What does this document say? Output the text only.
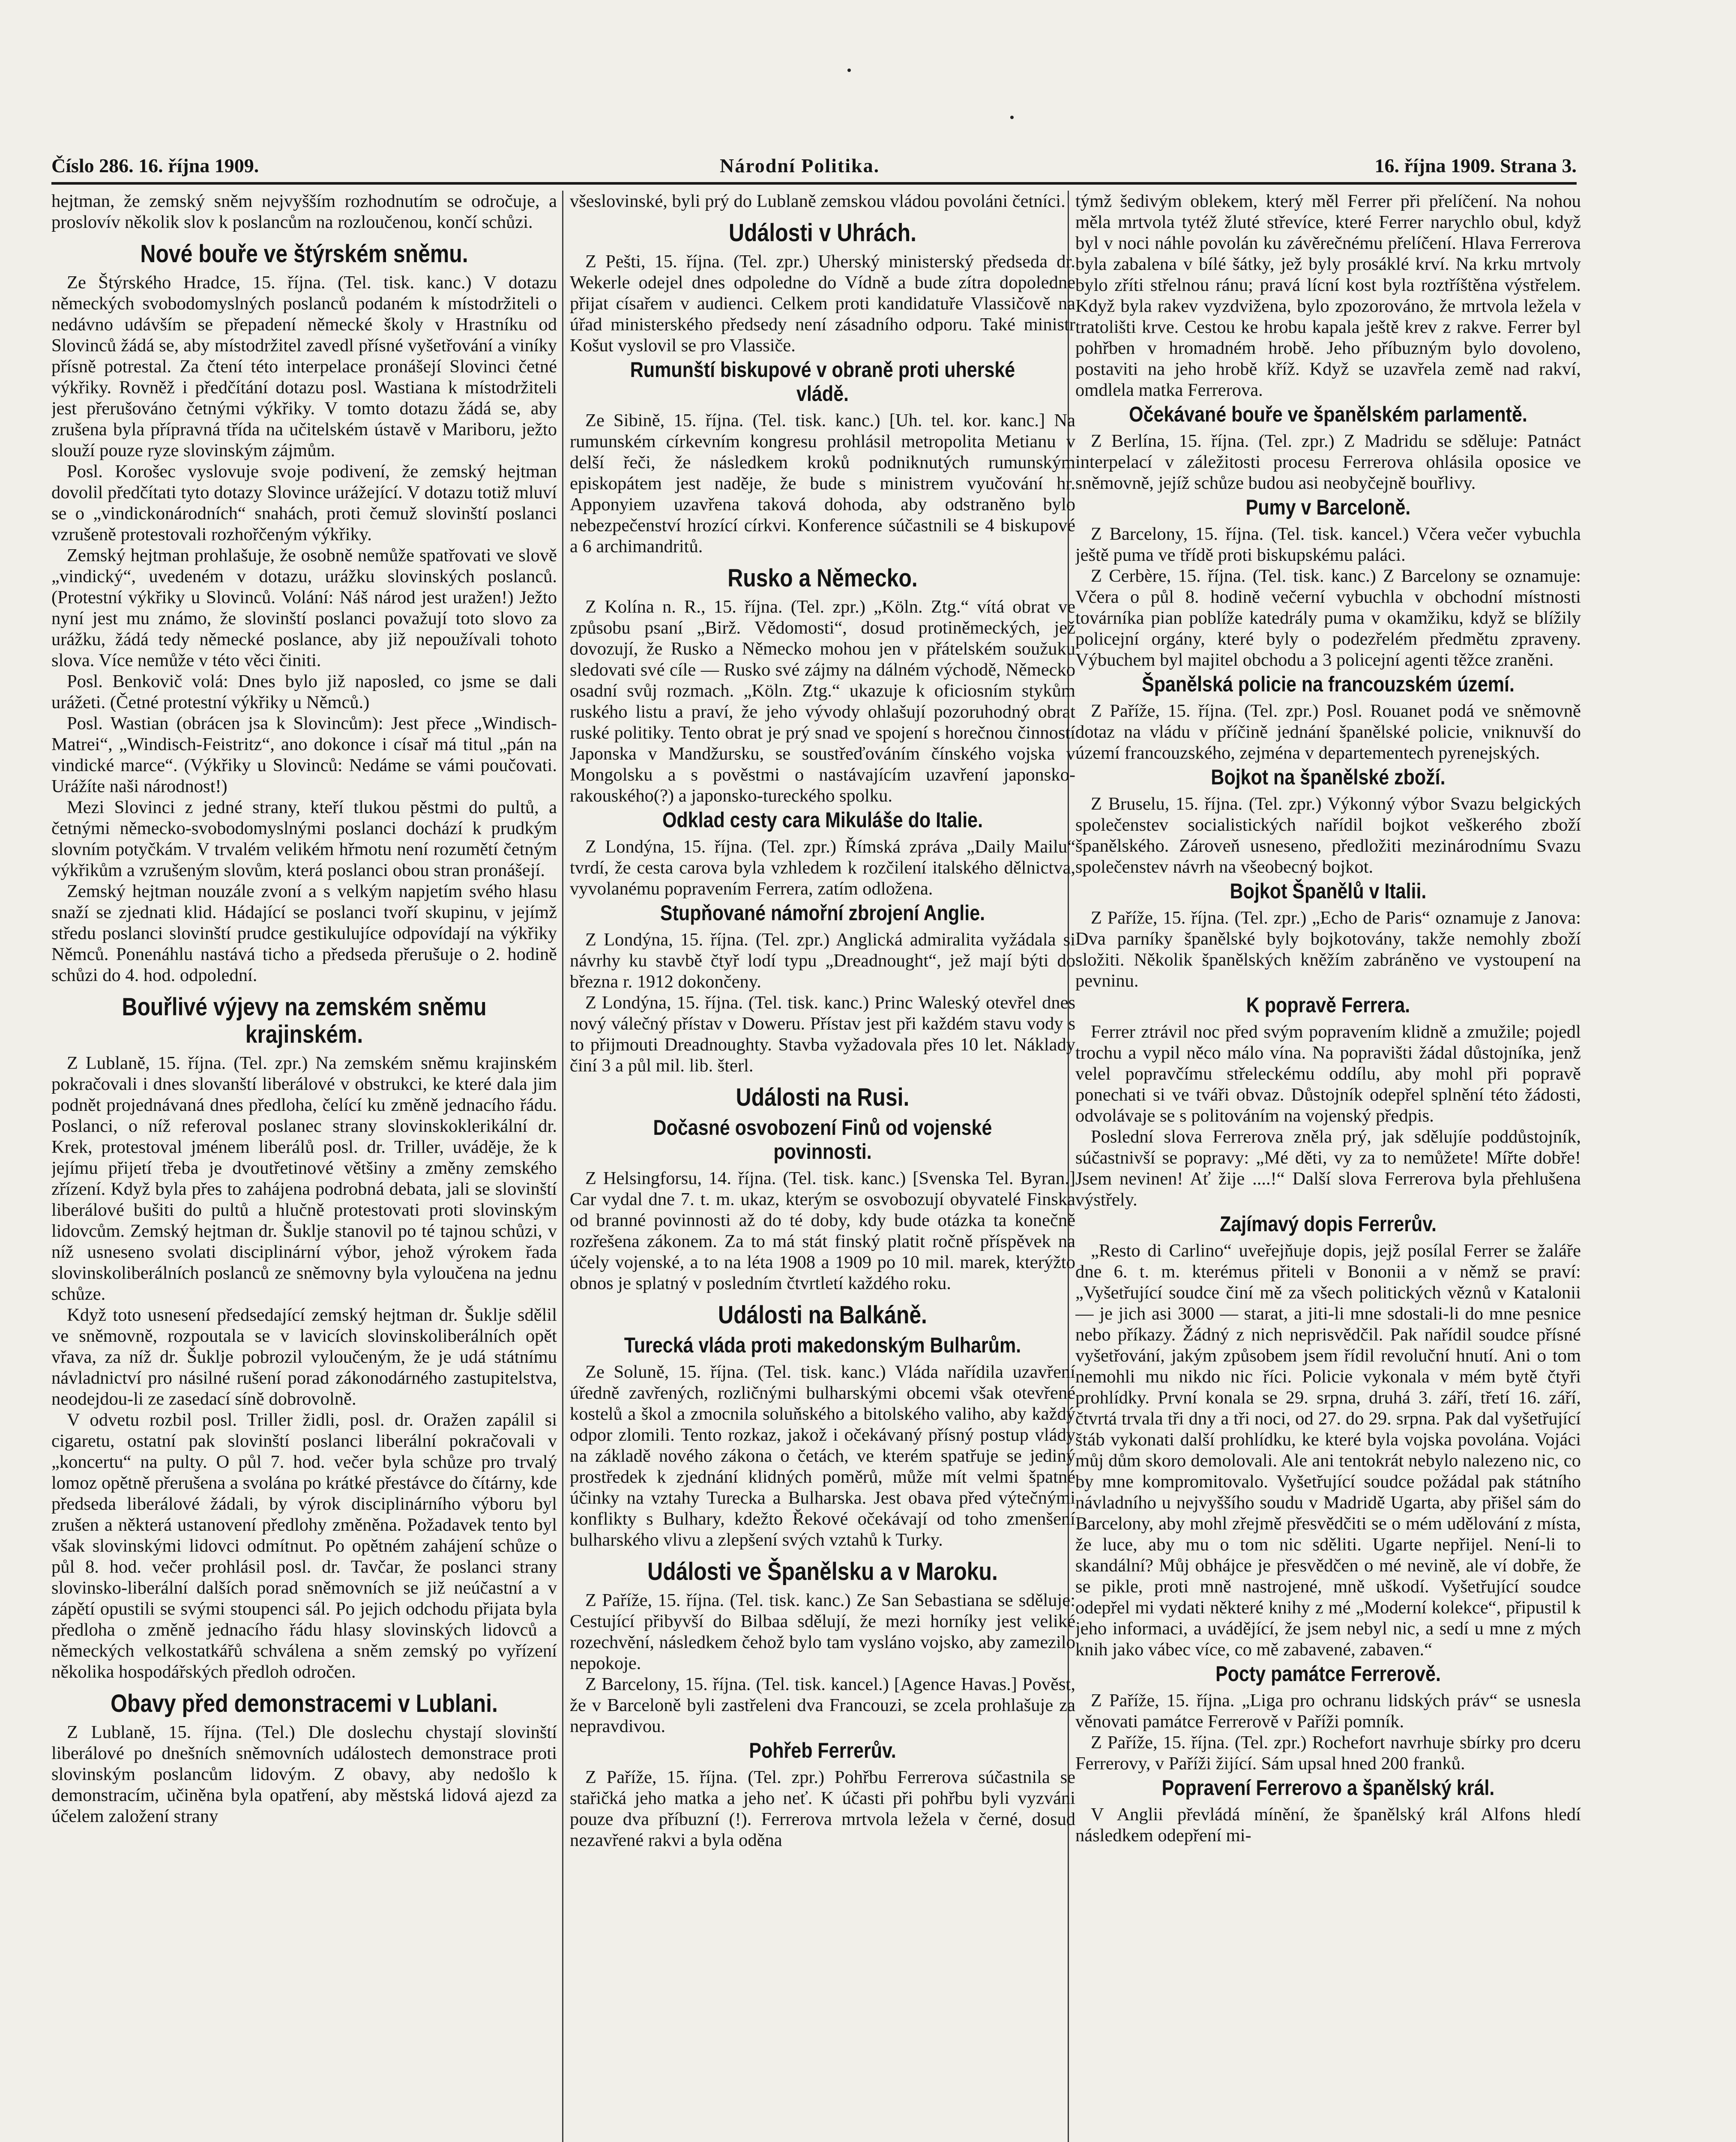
Číslo 286. 16. října 1909.	Národní Politika.	16. října 1909. Strana 3.

hejtman, že zemský sněm nejvyšším rozhodnutím se odročuje, a proslovív několik slov k poslancům na rozloučenou, končí schůzi.

Nové bouře ve štýrském sněmu.

Ze Štýrského Hradce, 15. října. (Tel. tisk. kanc.) V dotazu německých svobodomyslných poslanců podaném k místodržiteli o nedávno udávším se přepadení německé školy v Hrastníku od Slovinců žádá se, aby místodržitel zavedl přísné vyšetřování a viníky přísně potrestal. Za čtení této interpelace pronášejí Slovinci četné výkřiky. Rovněž i předčítání dotazu posl. Wastiana k místodržiteli jest přerušováno četnými výkřiky. V tomto dotazu žádá se, aby zrušena byla přípravná třída na učitelském ústavě v Mariboru, ježto slouží pouze ryze slovinským zájmům.

Posl. Korošec vyslovuje svoje podivení, že zemský hejtman dovolil předčítati tyto dotazy Slovince urážející. V dotazu totiž mluví se o „vindickonárodních“ snahách, proti čemuž slovinští poslanci vzrušeně protestovali rozhořčeným výkřiky.

Zemský hejtman prohlašuje, že osobně nemůže spatřovati ve slově „vindický“, uvedeném v dotazu, urážku slovinských poslanců. (Protestní výkřiky u Slovinců. Volání: Náš národ jest uražen!) Ježto nyní jest mu známo, že slovinští poslanci považují toto slovo za urážku, žádá tedy německé poslance, aby již nepoužívali tohoto slova. Více nemůže v této věci činiti.

Posl. Benkovič volá: Dnes bylo již naposled, co jsme se dali urážeti. (Četné protestní výkřiky u Němců.)

Posl. Wastian (obrácen jsa k Slovincům): Jest přece „Windisch-Matrei“, „Windisch-Feistritz“, ano dokonce i císař má titul „pán na vindické marce“. (Výkřiky u Slovinců: Nedáme se vámi poučovati. Urážíte naši národnost!)

Mezi Slovinci z jedné strany, kteří tlukou pěstmi do pultů, a četnými německo-svobodomyslnými poslanci dochází k prudkým slovním potyčkám. V trvalém velikém hřmotu není rozumětí četným výkřikům a vzrušeným slovům, která poslanci obou stran pronášejí.

Zemský hejtman nouzále zvoní a s velkým napjetím svého hlasu snaží se zjednati klid. Hádající se poslanci tvoří skupinu, v jejímž středu poslanci slovinští prudce gestikulujíce odpovídají na výkřiky Němců. Ponenáhlu nastává ticho a předseda přerušuje o 2. hodině schůzi do 4. hod. odpolední.

Bouřlivé výjevy na zemském sněmu krajinském.

Z Lublaně, 15. října. (Tel. zpr.) Na zemském sněmu krajinském pokračovali i dnes slovanští liberálové v obstrukci, ke které dala jim podnět projednávaná dnes předloha, čelící ku změně jednacího řádu. Poslanci, o níž referoval poslanec strany slovinskoklerikální dr. Krek, protestoval jménem liberálů posl. dr. Triller, uváděje, že k jejímu přijetí třeba je dvoutřetinové většiny a změny zemského zřízení. Když byla přes to zahájena podrobná debata, jali se slovinští liberálové bušiti do pultů a hlučně protestovati proti slovinským lidovcům. Zemský hejtman dr. Šuklje stanovil po té tajnou schůzi, v níž usneseno svolati disciplinární výbor, jehož výrokem řada slovinskoliberálních poslanců ze sněmovny byla vyloučena na jednu schůze.

Když toto usnesení předsedající zemský hejtman dr. Šuklje sdělil ve sněmovně, rozpoutala se v lavicích slovinskoliberálních opět vřava, za níž dr. Šuklje pobrozil vyloučeným, že je udá státnímu návladnictví pro násilné rušení porad zákonodárného zastupitelstva, neodejdou-li ze zasedací síně dobrovolně.

V odvetu rozbil posl. Triller židli, posl. dr. Oražen zapálil si cigaretu, ostatní pak slovinští poslanci liberální pokračovali v „koncertu“ na pulty. O půl 7. hod. večer byla schůze pro trvalý lomoz opětně přerušena a svolána po krátké přestávce do čítárny, kde předseda liberálové žádali, by výrok disciplinárního výboru byl zrušen a některá ustanovení předlohy změněna. Požadavek tento byl však slovinskými lidovci odmítnut. Po opětném zahájení schůze o půl 8. hod. večer prohlásil posl. dr. Tavčar, že poslanci strany slovinsko-liberální dalších porad sněmovních se již neúčastní a v zápětí opustili se svými stoupenci sál. Po jejich odchodu přijata byla předloha o změně jednacího řádu hlasy slovinských lidovců a německých velkostatkářů schválena a sněm zemský po vyřízení několika hospodářských předloh odročen.

Obavy před demonstracemi v Lublani.

Z Lublaně, 15. října. (Tel.) Dle doslechu chystají slovinští liberálové po dnešních sněmovních událostech demonstrace proti slovinským poslancům lidovým. Z obavy, aby nedošlo k demonstracím, učiněna byla opatření, aby městská lidová ajezd za účelem založení strany

všeslovinské, byli prý do Lublaně zemskou vládou povoláni četníci.

Události v Uhrách.

Z Pešti, 15. října. (Tel. zpr.) Uherský ministerský předseda dr. Wekerle odejel dnes odpoledne do Vídně a bude zítra dopoledne přijat císařem v audienci. Celkem proti kandidatuře Vlassičově na úřad ministerského předsedy není zásadního odporu. Také ministr Košut vyslovil se pro Vlassiče.

Rumunští biskupové v obraně proti uherské vládě.

Ze Sibině, 15. října. (Tel. tisk. kanc.) [Uh. tel. kor. kanc.] Na rumunském církevním kongresu prohlásil metropolita Metianu v delší řeči, že následkem kroků podniknutých rumunským episkopátem jest naděje, že bude s ministrem vyučování hr. Apponyiem uzavřena taková dohoda, aby odstraněno bylo nebezpečenství hrozící církvi. Konference súčastnili se 4 biskupové a 6 archimandritů.

Rusko a Německo.

Z Kolína n. R., 15. října. (Tel. zpr.) „Köln. Ztg.“ vítá obrat ve způsobu psaní „Birž. Vědomosti“, dosud protiněmeckých, jež dovozují, že Rusko a Německo mohou jen v přátelském soužuku sledovati své cíle — Rusko své zájmy na dálném východě, Německo osadní svůj rozmach. „Köln. Ztg.“ ukazuje k oficiosním stykům ruského listu a praví, že jeho vývody ohlašují pozoruhodný obrat ruské politiky. Tento obrat je prý snad ve spojení s horečnou činností Japonska v Mandžursku, se soustřeďováním čínského vojska v Mongolsku a s pověstmi o nastávajícím uzavření japonsko-rakouského(?) a japonsko-tureckého spolku.

Odklad cesty cara Mikuláše do Italie.

Z Londýna, 15. října. (Tel. zpr.) Římská zpráva „Daily Mailu“ tvrdí, že cesta carova byla vzhledem k rozčilení italského dělnictva, vyvolanému popravením Ferrera, zatím odložena.

Stupňované námořní zbrojení Anglie.

Z Londýna, 15. října. (Tel. zpr.) Anglická admiralita vyžádala si návrhy ku stavbě čtyř lodí typu „Dreadnought“, jež mají býti do března r. 1912 dokončeny.

Z Londýna, 15. října. (Tel. tisk. kanc.) Princ Waleský otevřel dnes nový válečný přístav v Doweru. Přístav jest při každém stavu vody s to přijmouti Dreadnoughty. Stavba vyžadovala přes 10 let. Náklady činí 3 a půl mil. lib. šterl.

Události na Rusi.
Dočasné osvobození Finů od vojenské povinnosti.

Z Helsingforsu, 14. října. (Tel. tisk. kanc.) [Svenska Tel. Byran.] Car vydal dne 7. t. m. ukaz, kterým se osvobozují obyvatelé Finska od branné povinnosti až do té doby, kdy bude otázka ta konečně rozřešena zákonem. Za to má stát finský platit ročně příspěvek na účely vojenské, a to na léta 1908 a 1909 po 10 mil. marek, kterýžto obnos je splatný v posledním čtvrtletí každého roku.

Události na Balkáně.
Turecká vláda proti makedonským Bulharům.

Ze Soluně, 15. října. (Tel. tisk. kanc.) Vláda nařídila uzavření úředně zavřených, rozličnými bulharskými obcemi však otevřené kostelů a škol a zmocnila soluňského a bitolského valiho, aby každý odpor zlomili. Tento rozkaz, jakož i očekávaný přísný postup vlády na základě nového zákona o četách, ve kterém spatřuje se jediný prostředek k zjednání klidných poměrů, může mít velmi špatné účinky na vztahy Turecka a Bulharska. Jest obava před výtečnými konflikty s Bulhary, kdežto Řekové očekávají od toho zmenšení bulharského vlivu a zlepšení svých vztahů k Turky.

Události ve Španělsku a v Maroku.

Z Paříže, 15. října. (Tel. tisk. kanc.) Ze San Sebastiana se sděluje: Cestující přibyvší do Bilbaa sdělují, že mezi horníky jest veliké rozechvění, následkem čehož bylo tam vysláno vojsko, aby zamezilo nepokoje.

Z Barcelony, 15. října. (Tel. tisk. kancel.) [Agence Havas.] Pověst, že v Barceloně byli zastřeleni dva Francouzi, se zcela prohlašuje za nepravdivou.

Pohřeb Ferrerův.

Z Paříže, 15. října. (Tel. zpr.) Pohřbu Ferrerova súčastnila se stařičká jeho matka a jeho neť. K účasti při pohřbu byli vyzváni pouze dva příbuzní (!). Ferrerova mrtvola ležela v černé, dosud nezavřené rakvi a byla oděna

týmž šedivým oblekem, který měl Ferrer při přelíčení. Na nohou měla mrtvola tytéž žluté střevíce, které Ferrer narychlo obul, když byl v noci náhle povolán ku závěrečnému přelíčení. Hlava Ferrerova byla zabalena v bílé šátky, jež byly prosáklé krví. Na krku mrtvoly bylo zříti střelnou ránu; pravá lícní kost byla roztříštěna výstřelem. Když byla rakev vyzdvižena, bylo zpozorováno, že mrtvola ležela v tratolišti krve. Cestou ke hrobu kapala ještě krev z rakve. Ferrer byl pohřben v hromadném hrobě. Jeho příbuzným bylo dovoleno, postaviti na jeho hrobě kříž. Když se uzavřela země nad rakví, omdlela matka Ferrerova.

Očekávané bouře ve španělském parlamentě.

Z Berlína, 15. října. (Tel. zpr.) Z Madridu se sděluje: Patnáct interpelací v záležitosti procesu Ferrerova ohlásila oposice ve sněmovně, jejíž schůze budou asi neobyčejně bouřlivy.

Pumy v Barceloně.

Z Barcelony, 15. října. (Tel. tisk. kancel.) Včera večer vybuchla ještě puma ve třídě proti biskupskému paláci.

Z Cerbère, 15. října. (Tel. tisk. kanc.) Z Barcelony se oznamuje: Včera o půl 8. hodině večerní vybuchla v obchodní místnosti továrníka pian poblíže katedrály puma v okamžiku, když se blížily policejní orgány, které byly o podezřelém předmětu zpraveny. Výbuchem byl majitel obchodu a 3 policejní agenti těžce zraněni.

Španělská policie na francouzském území.

Z Paříže, 15. října. (Tel. zpr.) Posl. Rouanet podá ve sněmovně dotaz na vládu v příčině jednání španělské policie, vniknuvší do území francouzského, zejména v departementech pyrenejských.

Bojkot na španělské zboží.

Z Bruselu, 15. října. (Tel. zpr.) Výkonný výbor Svazu belgických společenstev socialistických nařídil bojkot veškerého zboží španělského. Zároveň usneseno, předložiti mezinárodnímu Svazu společenstev návrh na všeobecný bojkot.

Bojkot Španělů v Italii.

Z Paříže, 15. října. (Tel. zpr.) „Echo de Paris“ oznamuje z Janova: Dva parníky španělské byly bojkotovány, takže nemohly zboží složiti. Několik španělských kněžím zabráněno ve vystoupení na pevninu.

K popravě Ferrera.

Ferrer ztrávil noc před svým popravením klidně a zmužile; pojedl trochu a vypil něco málo vína. Na popravišti žádal důstojníka, jenž velel popravčímu střeleckému oddílu, aby mohl při popravě ponechati si ve tváři obvaz. Důstojník odepřel splnění této žádosti, odvolávaje se s politováním na vojenský předpis.

Poslední slova Ferrerova zněla prý, jak sdělujíe poddůstojník, súčastnivší se popravy: „Mé děti, vy za to nemůžete! Mířte dobře! Jsem nevinen! Ať žije ....!“ Další slova Ferrerova byla přehlušena výstřely.

Zajímavý dopis Ferrerův.

„Resto di Carlino“ uveřejňuje dopis, jejž posílal Ferrer se žaláře dne 6. t. m. kterémus přiteli v Bononii a v němž se praví: „Vyšetřující soudce činí mě za všech politických věznů v Katalonii — je jich asi 3000 — starat, a jiti-li mne sdostali-li do mne pesnice nebo příkazy. Žádný z nich neprisvědčil. Pak nařídil soudce přísné vyšetřování, jakým způsobem jsem řídil revoluční hnutí. Ani o tom nemohli mu nikdo nic říci. Policie vykonala v mém bytě čtyři prohlídky. První konala se 29. srpna, druhá 3. září, třetí 16. září, čtvrtá trvala tři dny a tři noci, od 27. do 29. srpna. Pak dal vyšetřující štáb vykonati další prohlídku, ke které byla vojska povolána. Vojáci můj dům skoro demolovali. Ale ani tentokrát nebylo nalezeno nic, co by mne kompromitovalo. Vyšetřující soudce požádal pak státního návladního u nejvyššího soudu v Madridě Ugarta, aby přišel sám do Barcelony, aby mohl zřejmě přesvědčiti se o mém udělování z místa, že luce, aby mu o tom nic sděliti. Ugarte nepřijel. Není-li to skandální? Můj obhájce je přesvědčen o mé nevině, ale ví dobře, že se pikle, proti mně nastrojené, mně uškodí. Vyšetřující soudce odepřel mi vydati některé knihy z mé „Moderní kolekce“, připustil k jeho informaci, a uvádějící, že jsem nebyl nic, a sedí u mne z mých knih jako vábec více, co mě zabavené, zabaven.“

Pocty památce Ferrerově.

Z Paříže, 15. října. „Liga pro ochranu lidských práv“ se usnesla věnovati památce Ferrerově v Paříži pomník.

Z Paříže, 15. října. (Tel. zpr.) Rochefort navrhuje sbírky pro dceru Ferrerovy, v Paříži žijící. Sám upsal hned 200 franků.

Popravení Ferrerovo a španělský král.

V Anglii převládá mínění, že španělský král Alfons hledí následkem odepření mi-
